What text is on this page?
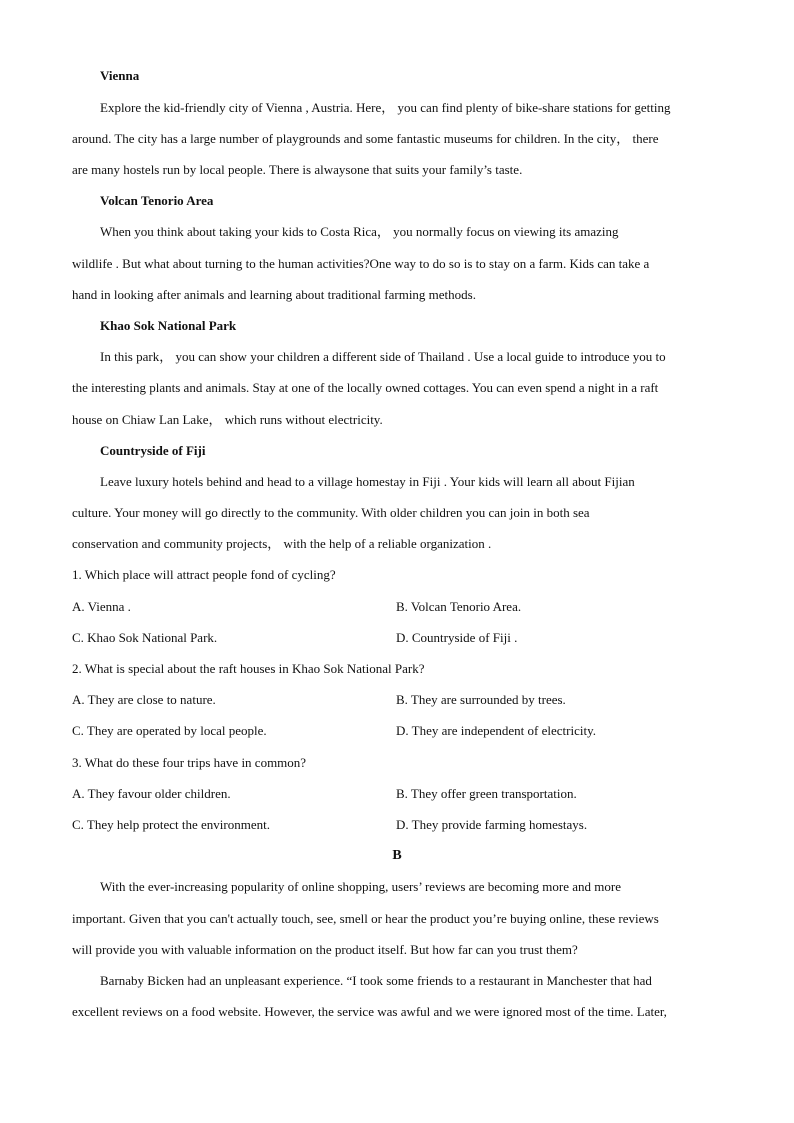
Vienna
Explore the kid-friendly city of Vienna , Austria. Here， you can find plenty of bike-share stations for getting
around. The city has a large number of playgrounds and some fantastic museums for children. In the city， there
are many hostels run by local people. There is alwaysone that suits your family’s taste.
Volcan Tenorio Area
When you think about taking your kids to Costa Rica， you normally focus on viewing its amazing
wildlife . But what about turning to the human activities?One way to do so is to stay on a farm. Kids can take a
hand in looking after animals and learning about traditional farming methods.
Khao Sok National Park
In this park， you can show your children a different side of Thailand . Use a local guide to introduce you to
the interesting plants and animals. Stay at one of the locally owned cottages. You can even spend a night in a raft
house on Chiaw Lan Lake， which runs without electricity.
Countryside of Fiji
Leave luxury hotels behind and head to a village homestay in Fiji . Your kids will learn all about Fijian
culture. Your money will go directly to the community. With older children you can join in both sea
conservation and community projects， with the help of a reliable organization .
1. Which place will attract people fond of cycling?
A. Vienna .	B. Volcan Tenorio Area.
C. Khao Sok National Park.	D. Countryside of Fiji .
2. What is special about the raft houses in Khao Sok National Park?
A. They are close to nature.	B. They are surrounded by trees.
C. They are operated by local people.	D. They are independent of electricity.
3. What do these four trips have in common?
A. They favour older children.	B. They offer green transportation.
C. They help protect the environment.	D. They provide farming homestays.
B
With the ever-increasing popularity of online shopping, users’ reviews are becoming more and more
important. Given that you can't actually touch, see, smell or hear the product you’re buying online, these reviews
will provide you with valuable information on the product itself. But how far can you trust them?
Barnaby Bicken had an unpleasant experience. “I took some friends to a restaurant in Manchester that had
excellent reviews on a food website. However, the service was awful and we were ignored most of the time. Later,
